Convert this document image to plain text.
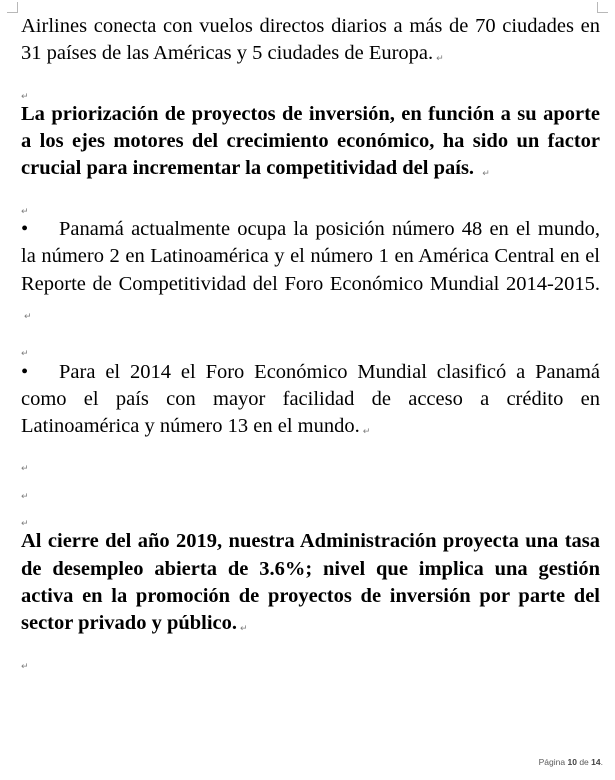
Airlines conecta con vuelos directos diarios a más de 70 ciudades en 31 países de las Américas y 5 ciudades de Europa. ↵

$_↵$

La priorización de proyectos de inversión, en función a su aporte a los ejes motores del crecimiento económico, ha sido un factor crucial para incrementar la competitividad del país. ↵

$_↵$

• Panamá actualmente ocupa la posición número 48 en el mundo, la número 2 en Latinoamérica y el número 1 en América Central en el Reporte de Competitividad del Foro Económico Mundial 2014-2015. ↵

$_↵$

• Para el 2014 el Foro Económico Mundial clasificó a Panamá como el país con mayor facilidad de acceso a crédito en Latinoamérica y número 13 en el mundo. ↵

$_↵$

$_↵$

$_↵$

Al cierre del año 2019, nuestra Administración proyecta una tasa de desempleo abierta de 3.6%; nivel que implica una gestión activa en la promoción de proyectos de inversión por parte del sector privado y público. ↵

$_↵$

Página 10 de 14.
